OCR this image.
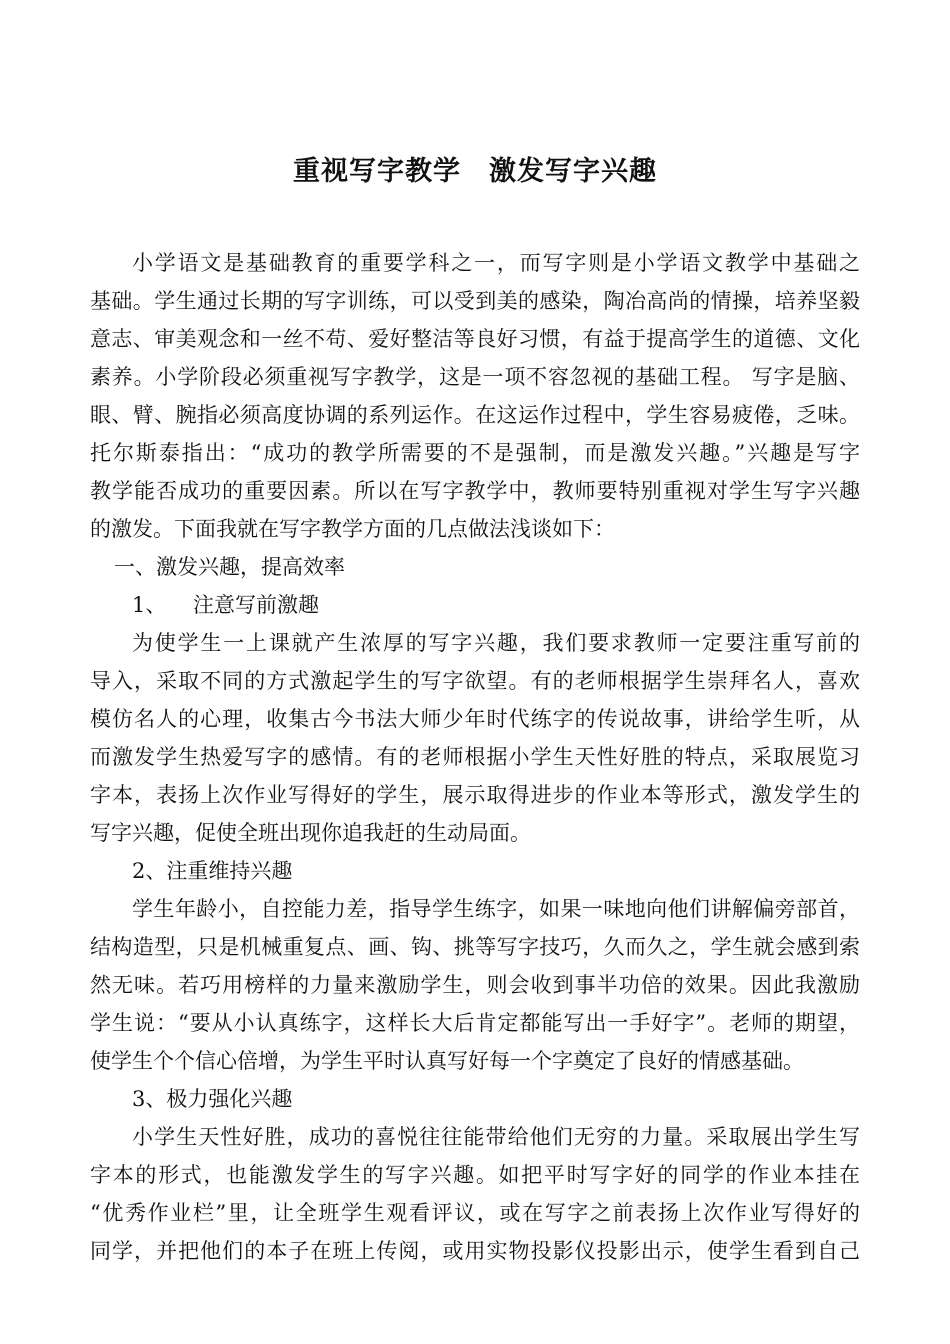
重视写字教学　激发写字兴趣
小学语文是基础教育的重要学科之一，而写字则是小学语文教学中基础之
基础。学生通过长期的写字训练，可以受到美的感染，陶冶高尚的情操，培养坚毅
意志、审美观念和一丝不苟、爱好整洁等良好习惯，有益于提高学生的道德、文化
素养。小学阶段必须重视写字教学，这是一项不容忽视的基础工程。 写字是脑、
眼、臂、腕指必须高度协调的系列运作。在这运作过程中，学生容易疲倦，乏味。
托尔斯泰指出：“成功的教学所需要的不是强制，而是激发兴趣。”兴趣是写字
教学能否成功的重要因素。所以在写字教学中，教师要特别重视对学生写字兴趣
的激发。下面我就在写字教学方面的几点做法浅谈如下：
一、激发兴趣，提高效率
1、    注意写前激趣
为使学生一上课就产生浓厚的写字兴趣，我们要求教师一定要注重写前的
导入，采取不同的方式激起学生的写字欲望。有的老师根据学生崇拜名人，喜欢
模仿名人的心理，收集古今书法大师少年时代练字的传说故事，讲给学生听，从
而激发学生热爱写字的感情。有的老师根据小学生天性好胜的特点，采取展览习
字本，表扬上次作业写得好的学生，展示取得进步的作业本等形式，激发学生的
写字兴趣，促使全班出现你追我赶的生动局面。
2、注重维持兴趣
学生年龄小，自控能力差，指导学生练字，如果一味地向他们讲解偏旁部首，
结构造型，只是机械重复点、画、钩、挑等写字技巧，久而久之，学生就会感到索
然无味。若巧用榜样的力量来激励学生，则会收到事半功倍的效果。因此我激励
学生说：“要从小认真练字，这样长大后肯定都能写出一手好字”。老师的期望，
使学生个个信心倍增，为学生平时认真写好每一个字奠定了良好的情感基础。
3、极力强化兴趣
小学生天性好胜，成功的喜悦往往能带给他们无穷的力量。采取展出学生写
字本的形式，也能激发学生的写字兴趣。如把平时写字好的同学的作业本挂在
“优秀作业栏”里，让全班学生观看评议，或在写字之前表扬上次作业写得好的
同学，并把他们的本子在班上传阅，或用实物投影仪投影出示，使学生看到自己
